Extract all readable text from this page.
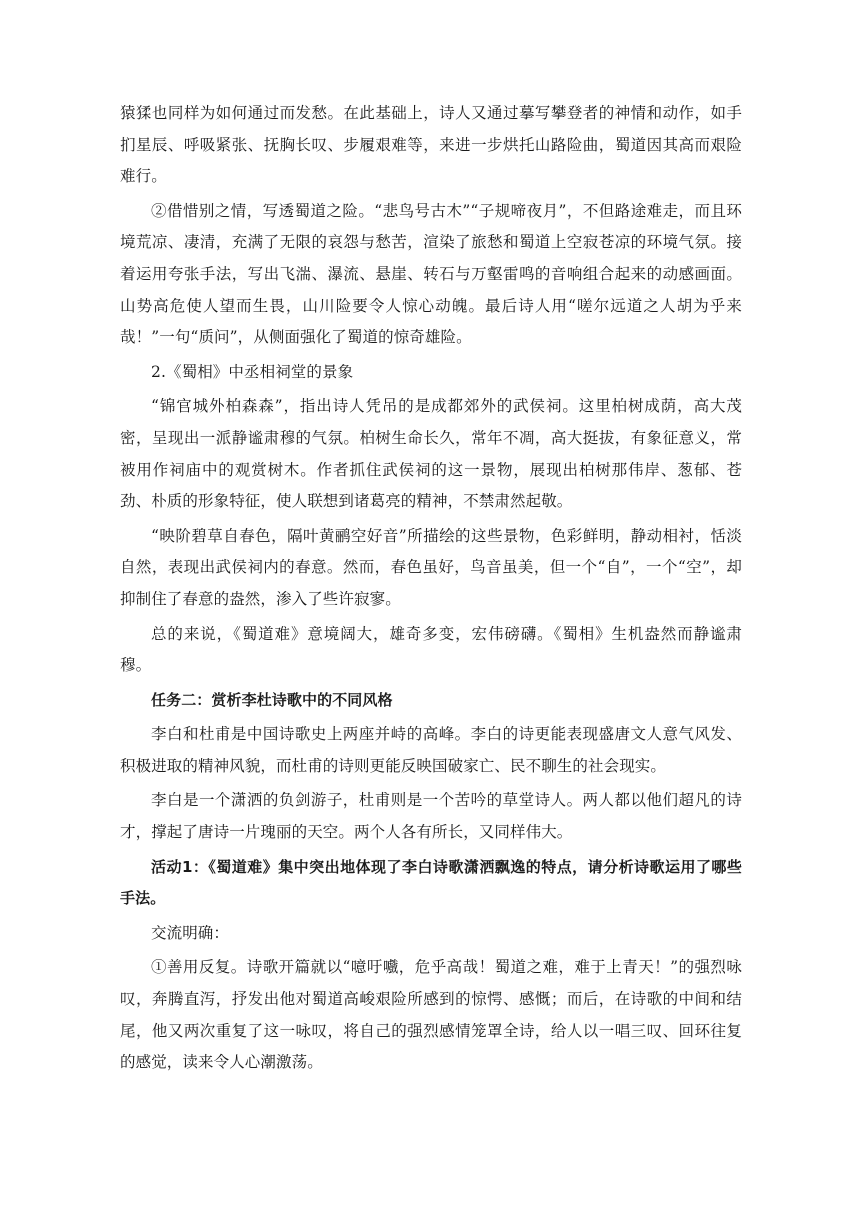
猿猱也同样为如何通过而发愁。在此基础上，诗人又通过摹写攀登者的神情和动作，如手扪星辰、呼吸紧张、抚胸长叹、步履艰难等，来进一步烘托山路险曲，蜀道因其高而艰险难行。

②借惜别之情，写透蜀道之险。“悲鸟号古木”“子规啼夜月”，不但路途难走，而且环境荒凉、凄清，充满了无限的哀怨与愁苦，渲染了旅愁和蜀道上空寂苍凉的环境气氛。接着运用夸张手法，写出飞湍、瀑流、悬崖、转石与万壑雷鸣的音响组合起来的动感画面。山势高危使人望而生畏，山川险要令人惊心动魄。最后诗人用“嗟尔远道之人胡为乎来哉！”一句“质问”，从侧面强化了蜀道的惊奇雄险。

2.《蜀相》中丞相祠堂的景象

“锦官城外柏森森”，指出诗人凭吊的是成都郊外的武侯祠。这里柏树成荫，高大茂密，呈现出一派静谧肃穆的气氛。柏树生命长久，常年不凋，高大挺拔，有象征意义，常被用作祠庙中的观赏树木。作者抓住武侯祠的这一景物，展现出柏树那伟岸、葱郁、苍劲、朴质的形象特征，使人联想到诸葛亮的精神，不禁肃然起敬。

“映阶碧草自春色，隔叶黄鹂空好音”所描绘的这些景物，色彩鲜明，静动相衬，恬淡自然，表现出武侯祠内的春意。然而，春色虽好，鸟音虽美，但一个“自”，一个“空”，却抑制住了春意的盎然，渗入了些许寂寥。

总的来说，《蜀道难》意境阔大，雄奇多变，宏伟磅礴。《蜀相》生机盎然而静谧肃穆。

任务二：赏析李杜诗歌中的不同风格

李白和杜甫是中国诗歌史上两座并峙的高峰。李白的诗更能表现盛唐文人意气风发、积极进取的精神风貌，而杜甫的诗则更能反映国破家亡、民不聊生的社会现实。

李白是一个潇洒的负剑游子，杜甫则是一个苦吟的草堂诗人。两人都以他们超凡的诗才，撑起了唐诗一片瑰丽的天空。两个人各有所长，又同样伟大。

活动1：《蜀道难》集中突出地体现了李白诗歌潇洒飘逸的特点，请分析诗歌运用了哪些手法。

交流明确：

①善用反复。诗歌开篇就以“噫吁嚱，危乎高哉！蜀道之难，难于上青天！”的强烈咏叹，奔腾直泻，抒发出他对蜀道高峻艰险所感到的惊愕、感慨；而后，在诗歌的中间和结尾，他又两次重复了这一咏叹，将自己的强烈感情笼罩全诗，给人以一唱三叹、回环往复的感觉，读来令人心潮激荡。
